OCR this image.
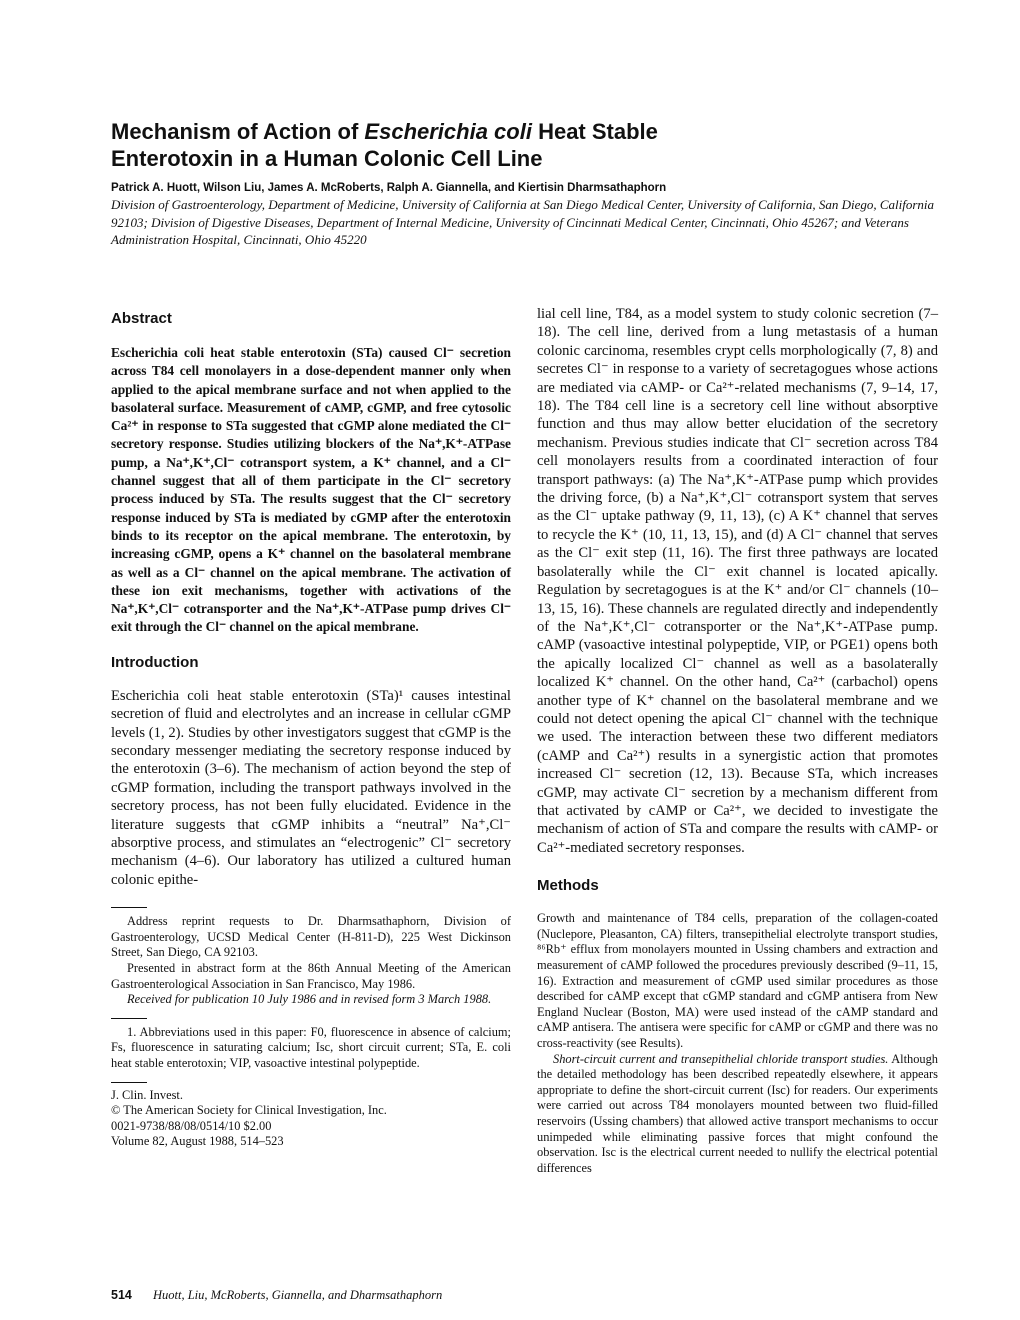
Mechanism of Action of Escherichia coli Heat Stable
Enterotoxin in a Human Colonic Cell Line

Patrick A. Huott, Wilson Liu, James A. McRoberts, Ralph A. Giannella, and Kiertisin Dharmsathaphorn

Division of Gastroenterology, Department of Medicine, University of California at San Diego Medical Center, University of California, San Diego, California 92103; Division of Digestive Diseases, Department of Internal Medicine, University of Cincinnati Medical Center, Cincinnati, Ohio 45267; and Veterans Administration Hospital, Cincinnati, Ohio 45220

Abstract

Escherichia coli heat stable enterotoxin (STa) caused Cl⁻ secretion across T84 cell monolayers in a dose-dependent manner only when applied to the apical membrane surface and not when applied to the basolateral surface. Measurement of cAMP, cGMP, and free cytosolic Ca²⁺ in response to STa suggested that cGMP alone mediated the Cl⁻ secretory response. Studies utilizing blockers of the Na⁺,K⁺-ATPase pump, a Na⁺,K⁺,Cl⁻ cotransport system, a K⁺ channel, and a Cl⁻ channel suggest that all of them participate in the Cl⁻ secretory process induced by STa. The results suggest that the Cl⁻ secretory response induced by STa is mediated by cGMP after the enterotoxin binds to its receptor on the apical membrane. The enterotoxin, by increasing cGMP, opens a K⁺ channel on the basolateral membrane as well as a Cl⁻ channel on the apical membrane. The activation of these ion exit mechanisms, together with activations of the Na⁺,K⁺,Cl⁻ cotransporter and the Na⁺,K⁺-ATPase pump drives Cl⁻ exit through the Cl⁻ channel on the apical membrane.

Introduction

Escherichia coli heat stable enterotoxin (STa)¹ causes intestinal secretion of fluid and electrolytes and an increase in cellular cGMP levels (1, 2). Studies by other investigators suggest that cGMP is the secondary messenger mediating the secretory response induced by the enterotoxin (3–6). The mechanism of action beyond the step of cGMP formation, including the transport pathways involved in the secretory process, has not been fully elucidated. Evidence in the literature suggests that cGMP inhibits a “neutral” Na⁺,Cl⁻ absorptive process, and stimulates an “electrogenic” Cl⁻ secretory mechanism (4–6). Our laboratory has utilized a cultured human colonic epithe-

Address reprint requests to Dr. Dharmsathaphorn, Division of Gastroenterology, UCSD Medical Center (H-811-D), 225 West Dickinson Street, San Diego, CA 92103.

Presented in abstract form at the 86th Annual Meeting of the American Gastroenterological Association in San Francisco, May 1986.

Received for publication 10 July 1986 and in revised form 3 March 1988.

1. Abbreviations used in this paper: F0, fluorescence in absence of calcium; Fs, fluorescence in saturating calcium; Isc, short circuit current; STa, E. coli heat stable enterotoxin; VIP, vasoactive intestinal polypeptide.

J. Clin. Invest.

© The American Society for Clinical Investigation, Inc.

0021-9738/88/08/0514/10 $2.00

Volume 82, August 1988, 514–523

lial cell line, T84, as a model system to study colonic secretion (7–18). The cell line, derived from a lung metastasis of a human colonic carcinoma, resembles crypt cells morphologically (7, 8) and secretes Cl⁻ in response to a variety of secretagogues whose actions are mediated via cAMP- or Ca²⁺-related mechanisms (7, 9–14, 17, 18). The T84 cell line is a secretory cell line without absorptive function and thus may allow better elucidation of the secretory mechanism. Previous studies indicate that Cl⁻ secretion across T84 cell monolayers results from a coordinated interaction of four transport pathways: (a) The Na⁺,K⁺-ATPase pump which provides the driving force, (b) a Na⁺,K⁺,Cl⁻ cotransport system that serves as the Cl⁻ uptake pathway (9, 11, 13), (c) A K⁺ channel that serves to recycle the K⁺ (10, 11, 13, 15), and (d) A Cl⁻ channel that serves as the Cl⁻ exit step (11, 16). The first three pathways are located basolaterally while the Cl⁻ exit channel is located apically. Regulation by secretagogues is at the K⁺ and/or Cl⁻ channels (10–13, 15, 16). These channels are regulated directly and independently of the Na⁺,K⁺,Cl⁻ cotransporter or the Na⁺,K⁺-ATPase pump. cAMP (vasoactive intestinal polypeptide, VIP, or PGE1) opens both the apically localized Cl⁻ channel as well as a basolaterally localized K⁺ channel. On the other hand, Ca²⁺ (carbachol) opens another type of K⁺ channel on the basolateral membrane and we could not detect opening the apical Cl⁻ channel with the technique we used. The interaction between these two different mediators (cAMP and Ca²⁺) results in a synergistic action that promotes increased Cl⁻ secretion (12, 13). Because STa, which increases cGMP, may activate Cl⁻ secretion by a mechanism different from that activated by cAMP or Ca²⁺, we decided to investigate the mechanism of action of STa and compare the results with cAMP- or Ca²⁺-mediated secretory responses.

Methods

Growth and maintenance of T84 cells, preparation of the collagen-coated (Nuclepore, Pleasanton, CA) filters, transepithelial electrolyte transport studies, ⁸⁶Rb⁺ efflux from monolayers mounted in Ussing chambers and extraction and measurement of cAMP followed the procedures previously described (9–11, 15, 16). Extraction and measurement of cGMP used similar procedures as those described for cAMP except that cGMP standard and cGMP antisera from New England Nuclear (Boston, MA) were used instead of the cAMP standard and cAMP antisera. The antisera were specific for cAMP or cGMP and there was no cross-reactivity (see Results).

Short-circuit current and transepithelial chloride transport studies. Although the detailed methodology has been described repeatedly elsewhere, it appears appropriate to define the short-circuit current (Isc) for readers. Our experiments were carried out across T84 monolayers mounted between two fluid-filled reservoirs (Ussing chambers) that allowed active transport mechanisms to occur unimpeded while eliminating passive forces that might confound the observation. Isc is the electrical current needed to nullify the electrical potential differences

514 Huott, Liu, McRoberts, Giannella, and Dharmsathaphorn
